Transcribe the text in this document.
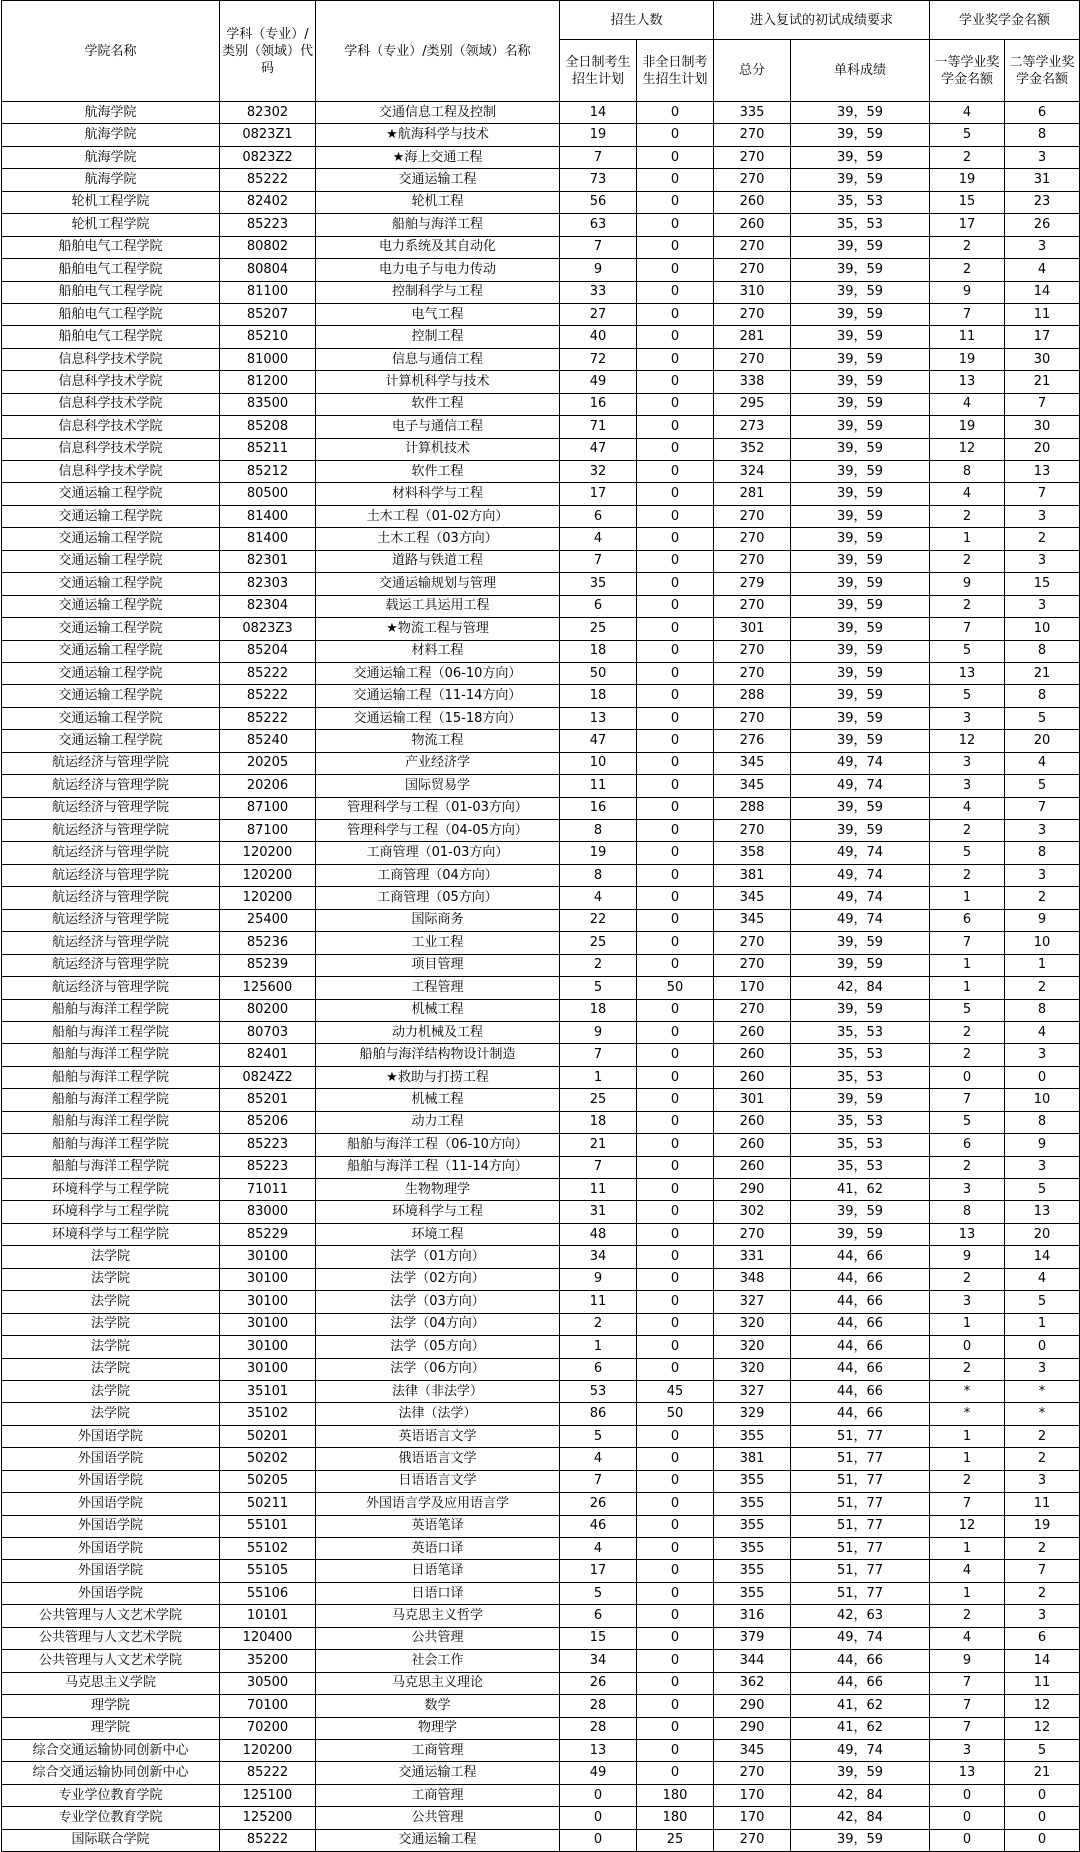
学院名称	学科（专业）/类别（领域）代码	学科（专业）/类别（领域）名称	招生人数		进入复试的初试成绩要求		学业奖学金名额	
			全日制考生招生计划	非全日制考生招生计划	总分	单科成绩	一等学业奖学金名额	二等学业奖学金名额
航海学院	82302	交通信息工程及控制	14	0	335	39，59	4	6
航海学院	0823Z1	★航海科学与技术	19	0	270	39，59	5	8
航海学院	0823Z2	★海上交通工程	7	0	270	39，59	2	3
航海学院	85222	交通运输工程	73	0	270	39，59	19	31
轮机工程学院	82402	轮机工程	56	0	260	35，53	15	23
轮机工程学院	85223	船舶与海洋工程	63	0	260	35，53	17	26
船舶电气工程学院	80802	电力系统及其自动化	7	0	270	39，59	2	3
船舶电气工程学院	80804	电力电子与电力传动	9	0	270	39，59	2	4
船舶电气工程学院	81100	控制科学与工程	33	0	310	39，59	9	14
船舶电气工程学院	85207	电气工程	27	0	270	39，59	7	11
船舶电气工程学院	85210	控制工程	40	0	281	39，59	11	17
信息科学技术学院	81000	信息与通信工程	72	0	270	39，59	19	30
信息科学技术学院	81200	计算机科学与技术	49	0	338	39，59	13	21
信息科学技术学院	83500	软件工程	16	0	295	39，59	4	7
信息科学技术学院	85208	电子与通信工程	71	0	273	39，59	19	30
信息科学技术学院	85211	计算机技术	47	0	352	39，59	12	20
信息科学技术学院	85212	软件工程	32	0	324	39，59	8	13
交通运输工程学院	80500	材料科学与工程	17	0	281	39，59	4	7
交通运输工程学院	81400	土木工程（01-02方向）	6	0	270	39，59	2	3
交通运输工程学院	81400	土木工程（03方向）	4	0	270	39，59	1	2
交通运输工程学院	82301	道路与铁道工程	7	0	270	39，59	2	3
交通运输工程学院	82303	交通运输规划与管理	35	0	279	39，59	9	15
交通运输工程学院	82304	载运工具运用工程	6	0	270	39，59	2	3
交通运输工程学院	0823Z3	★物流工程与管理	25	0	301	39，59	7	10
交通运输工程学院	85204	材料工程	18	0	270	39，59	5	8
交通运输工程学院	85222	交通运输工程（06-10方向）	50	0	270	39，59	13	21
交通运输工程学院	85222	交通运输工程（11-14方向）	18	0	288	39，59	5	8
交通运输工程学院	85222	交通运输工程（15-18方向）	13	0	270	39，59	3	5
交通运输工程学院	85240	物流工程	47	0	276	39，59	12	20
航运经济与管理学院	20205	产业经济学	10	0	345	49，74	3	4
航运经济与管理学院	20206	国际贸易学	11	0	345	49，74	3	5
航运经济与管理学院	87100	管理科学与工程（01-03方向）	16	0	288	39，59	4	7
航运经济与管理学院	87100	管理科学与工程（04-05方向）	8	0	270	39，59	2	3
航运经济与管理学院	120200	工商管理（01-03方向）	19	0	358	49，74	5	8
航运经济与管理学院	120200	工商管理（04方向）	8	0	381	49，74	2	3
航运经济与管理学院	120200	工商管理（05方向）	4	0	345	49，74	1	2
航运经济与管理学院	25400	国际商务	22	0	345	49，74	6	9
航运经济与管理学院	85236	工业工程	25	0	270	39，59	7	10
航运经济与管理学院	85239	项目管理	2	0	270	39，59	1	1
航运经济与管理学院	125600	工程管理	5	50	170	42，84	1	2
船舶与海洋工程学院	80200	机械工程	18	0	270	39，59	5	8
船舶与海洋工程学院	80703	动力机械及工程	9	0	260	35，53	2	4
船舶与海洋工程学院	82401	船舶与海洋结构物设计制造	7	0	260	35，53	2	3
船舶与海洋工程学院	0824Z2	★救助与打捞工程	1	0	260	35，53	0	0
船舶与海洋工程学院	85201	机械工程	25	0	301	39，59	7	10
船舶与海洋工程学院	85206	动力工程	18	0	260	35，53	5	8
船舶与海洋工程学院	85223	船舶与海洋工程（06-10方向）	21	0	260	35，53	6	9
船舶与海洋工程学院	85223	船舶与海洋工程（11-14方向）	7	0	260	35，53	2	3
环境科学与工程学院	71011	生物物理学	11	0	290	41，62	3	5
环境科学与工程学院	83000	环境科学与工程	31	0	302	39，59	8	13
环境科学与工程学院	85229	环境工程	48	0	270	39，59	13	20
法学院	30100	法学（01方向）	34	0	331	44，66	9	14
法学院	30100	法学（02方向）	9	0	348	44，66	2	4
法学院	30100	法学（03方向）	11	0	327	44，66	3	5
法学院	30100	法学（04方向）	2	0	320	44，66	1	1
法学院	30100	法学（05方向）	1	0	320	44，66	0	0
法学院	30100	法学（06方向）	6	0	320	44，66	2	3
法学院	35101	法律（非法学）	53	45	327	44，66	*	*
法学院	35102	法律（法学）	86	50	329	44，66	*	*
外国语学院	50201	英语语言文学	5	0	355	51，77	1	2
外国语学院	50202	俄语语言文学	4	0	381	51，77	1	2
外国语学院	50205	日语语言文学	7	0	355	51，77	2	3
外国语学院	50211	外国语言学及应用语言学	26	0	355	51，77	7	11
外国语学院	55101	英语笔译	46	0	355	51，77	12	19
外国语学院	55102	英语口译	4	0	355	51，77	1	2
外国语学院	55105	日语笔译	17	0	355	51，77	4	7
外国语学院	55106	日语口译	5	0	355	51，77	1	2
公共管理与人文艺术学院	10101	马克思主义哲学	6	0	316	42，63	2	3
公共管理与人文艺术学院	120400	公共管理	15	0	379	49，74	4	6
公共管理与人文艺术学院	35200	社会工作	34	0	344	44，66	9	14
马克思主义学院	30500	马克思主义理论	26	0	362	44，66	7	11
理学院	70100	数学	28	0	290	41，62	7	12
理学院	70200	物理学	28	0	290	41，62	7	12
综合交通运输协同创新中心	120200	工商管理	13	0	345	49，74	3	5
综合交通运输协同创新中心	85222	交通运输工程	49	0	270	39，59	13	21
专业学位教育学院	125100	工商管理	0	180	170	42，84	0	0
专业学位教育学院	125200	公共管理	0	180	170	42，84	0	0
国际联合学院	85222	交通运输工程	0	25	270	39，59	0	0
